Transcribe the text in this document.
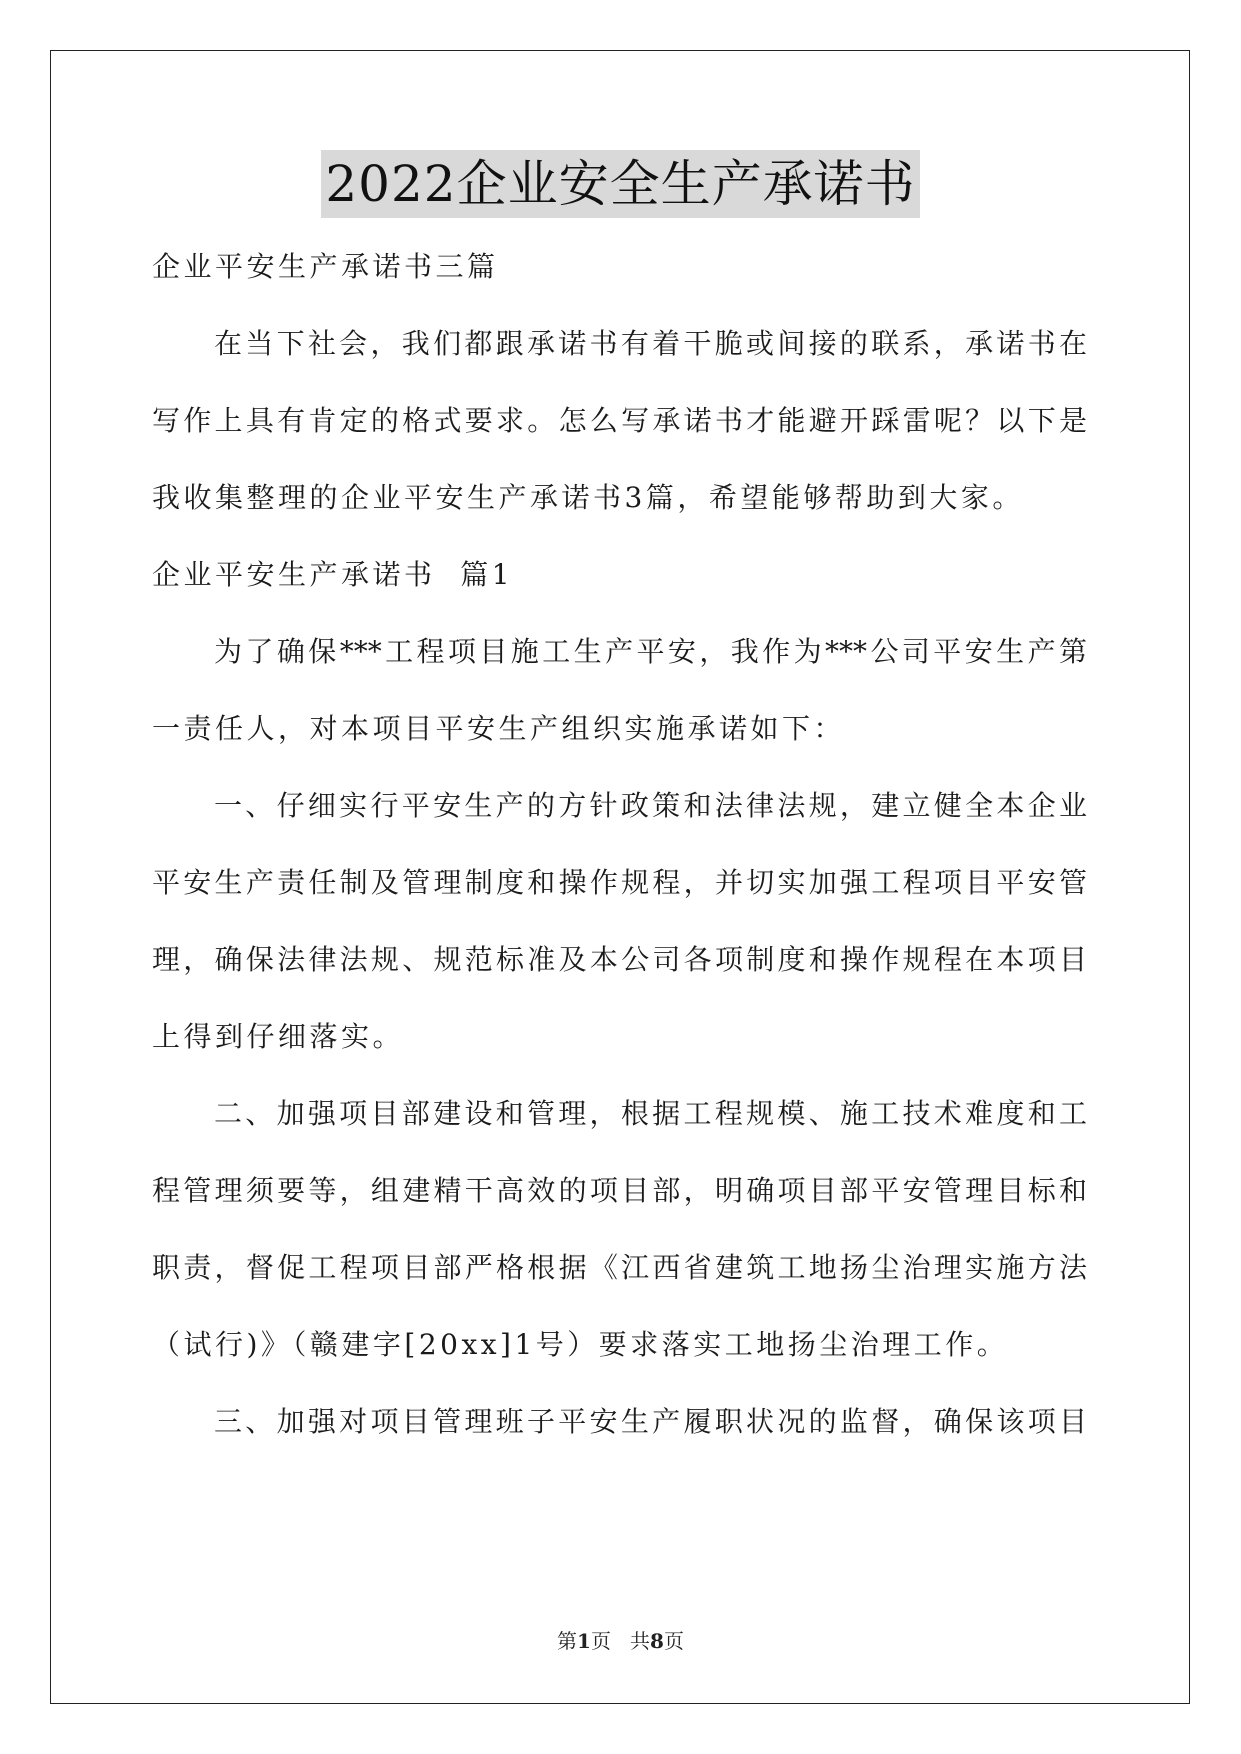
2022企业安全生产承诺书
企业平安生产承诺书三篇
在当下社会，我们都跟承诺书有着干脆或间接的联系，承诺书在
写作上具有肯定的格式要求。怎么写承诺书才能避开踩雷呢？以下是
我收集整理的企业平安生产承诺书3篇，希望能够帮助到大家。
企业平安生产承诺书  篇1
为了确保***工程项目施工生产平安，我作为***公司平安生产第
一责任人，对本项目平安生产组织实施承诺如下：
一、仔细实行平安生产的方针政策和法律法规，建立健全本企业
平安生产责任制及管理制度和操作规程，并切实加强工程项目平安管
理，确保法律法规、规范标准及本公司各项制度和操作规程在本项目
上得到仔细落实。
二、加强项目部建设和管理，根据工程规模、施工技术难度和工
程管理须要等，组建精干高效的项目部，明确项目部平安管理目标和
职责，督促工程项目部严格根据《江西省建筑工地扬尘治理实施方法
（试行)》（赣建字[20xx]1号）要求落实工地扬尘治理工作。
三、加强对项目管理班子平安生产履职状况的监督，确保该项目
第1页   共8页
